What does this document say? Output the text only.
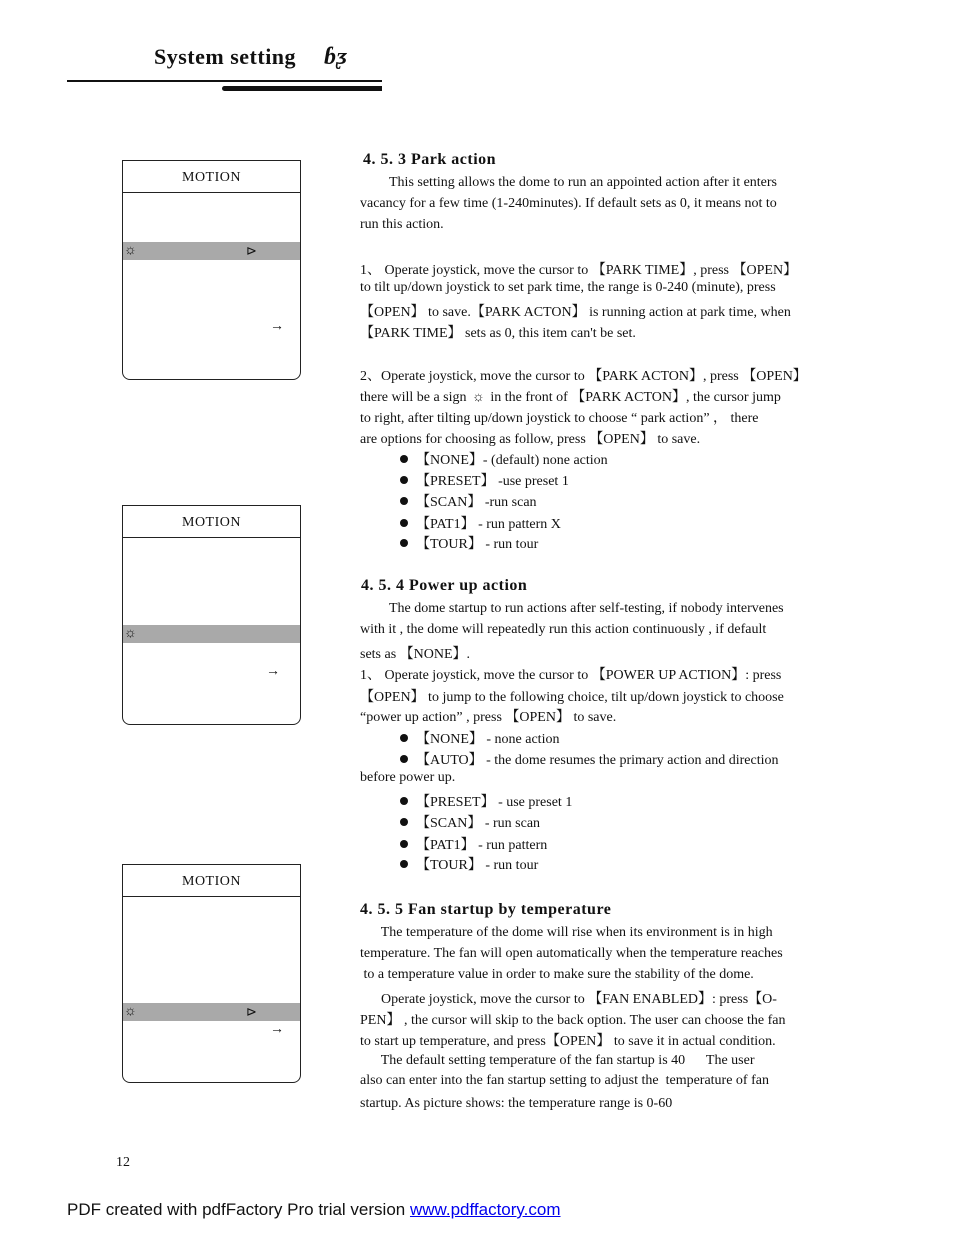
System setting ɓᶚ
MOTION
☼	⊳
→
MOTION
☼
→
MOTION
☼	⊳
→
4. 5. 3 Park action
This setting allows the dome to run an appointed action after it enters
vacancy for a few time (1-240minutes). If default sets as 0, it means not to
run this action.
1、 Operate joystick, move the cursor to 【PARK TIME】, press 【OPEN】
to tilt up/down joystick to set park time, the range is 0-240 (minute), press
【OPEN】 to save.【PARK ACTON】 is running action at park time, when
【PARK TIME】 sets as 0, this item can't be set.
2、Operate joystick, move the cursor to 【PARK ACTON】, press 【OPEN】
there will be a sign ☼ in the front of 【PARK ACTON】, the cursor jump
to right, after tilting up/down joystick to choose “ park action” ， there
are options for choosing as follow, press 【OPEN】 to save.
【NONE】- (default) none action
【PRESET】 -use preset 1
【SCAN】 -run scan
【PAT1】 - run pattern X
【TOUR】 - run tour
4. 5. 4 Power up action
The dome startup to run actions after self-testing, if nobody intervenes
with it , the dome will repeatedly run this action continuously , if default
sets as 【NONE】.
1、 Operate joystick, move the cursor to 【POWER UP ACTION】: press
【OPEN】 to jump to the following choice, tilt up/down joystick to choose
“power up action” , press 【OPEN】 to save.
【NONE】 - none action
【AUTO】 - the dome resumes the primary action and direction
before power up.
【PRESET】 - use preset 1
【SCAN】 - run scan
【PAT1】 - run pattern
【TOUR】 - run tour
4. 5. 5 Fan startup by temperature
The temperature of the dome will rise when its environment is in high
temperature. The fan will open automatically when the temperature reaches
to a temperature value in order to make sure the stability of the dome.
Operate joystick, move the cursor to 【FAN ENABLED】: press【O-
PEN】 , the cursor will skip to the back option. The user can choose the fan
to start up temperature, and press【OPEN】 to save it in actual condition.
The default setting temperature of the fan startup is 40      The user
also can enter into the fan startup setting to adjust the  temperature of fan
startup. As picture shows: the temperature range is 0-60
12
PDF created with pdfFactory Pro trial version www.pdffactory.com
